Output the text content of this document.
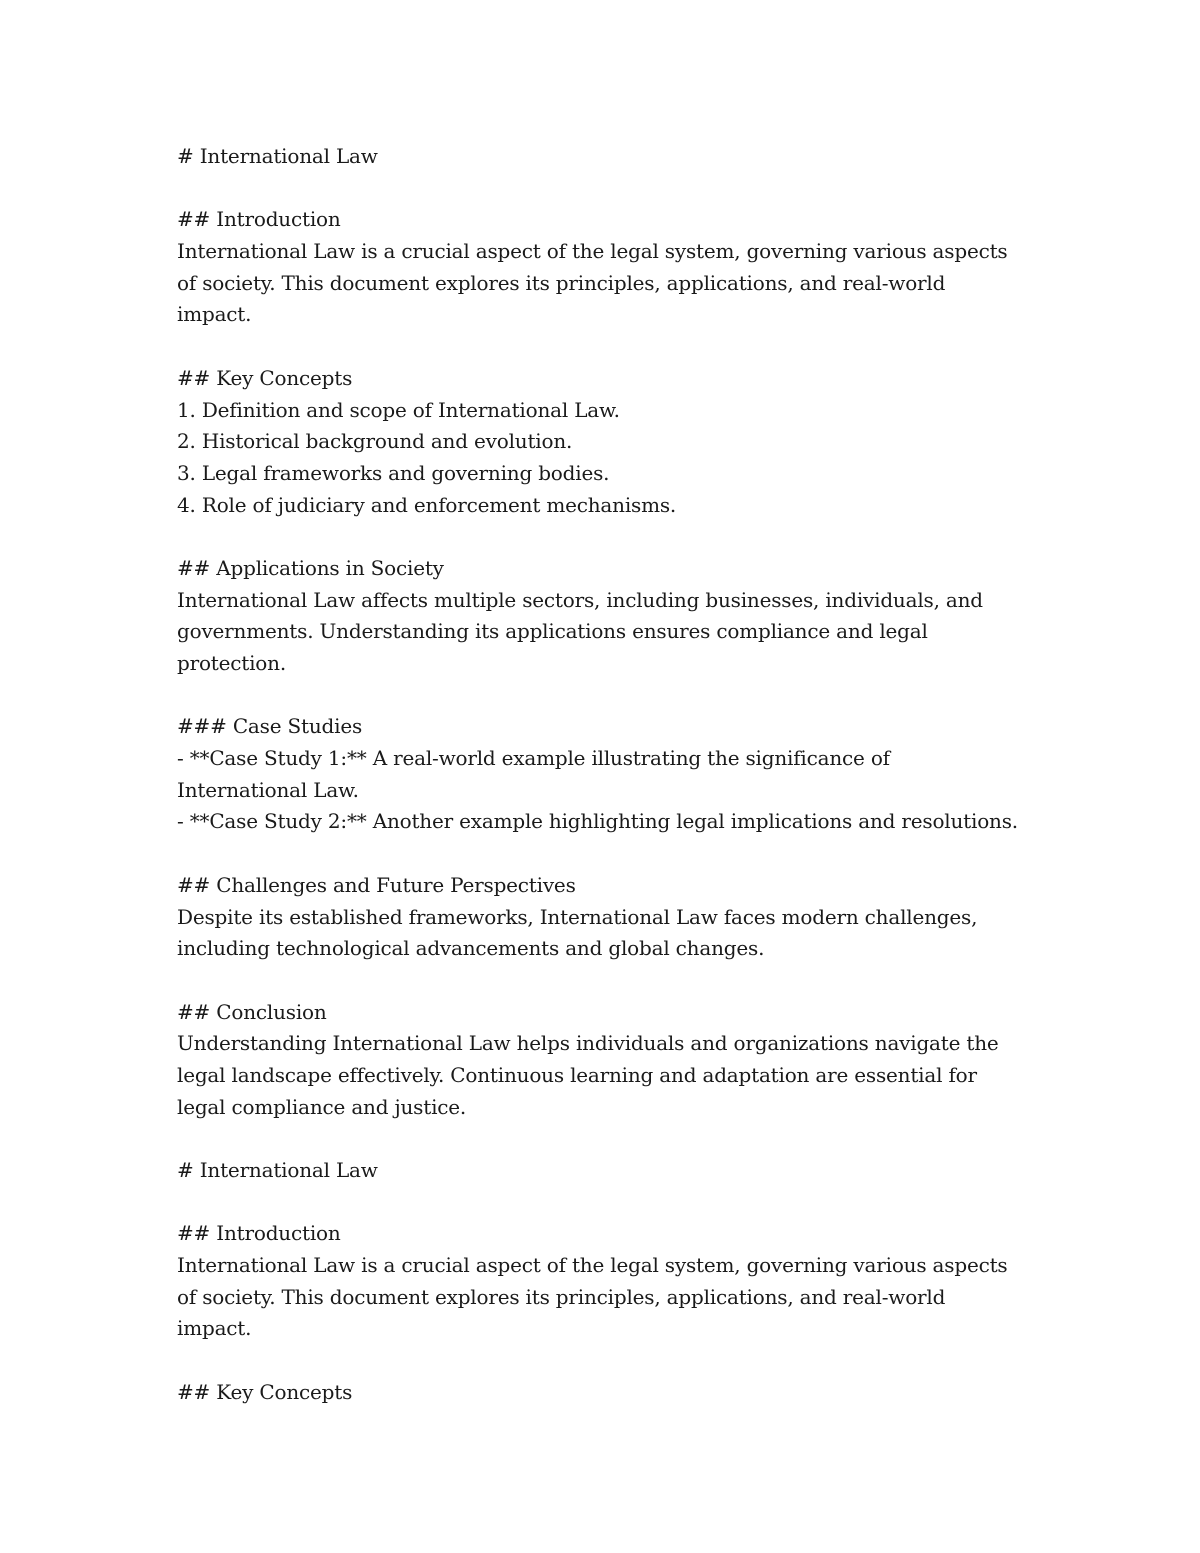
# International Law
## Introduction
International Law is a crucial aspect of the legal system, governing various aspects
of society. This document explores its principles, applications, and real-world
impact.
## Key Concepts
1. Definition and scope of International Law.
2. Historical background and evolution.
3. Legal frameworks and governing bodies.
4. Role of judiciary and enforcement mechanisms.
## Applications in Society
International Law affects multiple sectors, including businesses, individuals, and
governments. Understanding its applications ensures compliance and legal
protection.
### Case Studies
- **Case Study 1:** A real-world example illustrating the significance of
International Law.
- **Case Study 2:** Another example highlighting legal implications and resolutions.
## Challenges and Future Perspectives
Despite its established frameworks, International Law faces modern challenges,
including technological advancements and global changes.
## Conclusion
Understanding International Law helps individuals and organizations navigate the
legal landscape effectively. Continuous learning and adaptation are essential for
legal compliance and justice.
# International Law
## Introduction
International Law is a crucial aspect of the legal system, governing various aspects
of society. This document explores its principles, applications, and real-world
impact.
## Key Concepts
